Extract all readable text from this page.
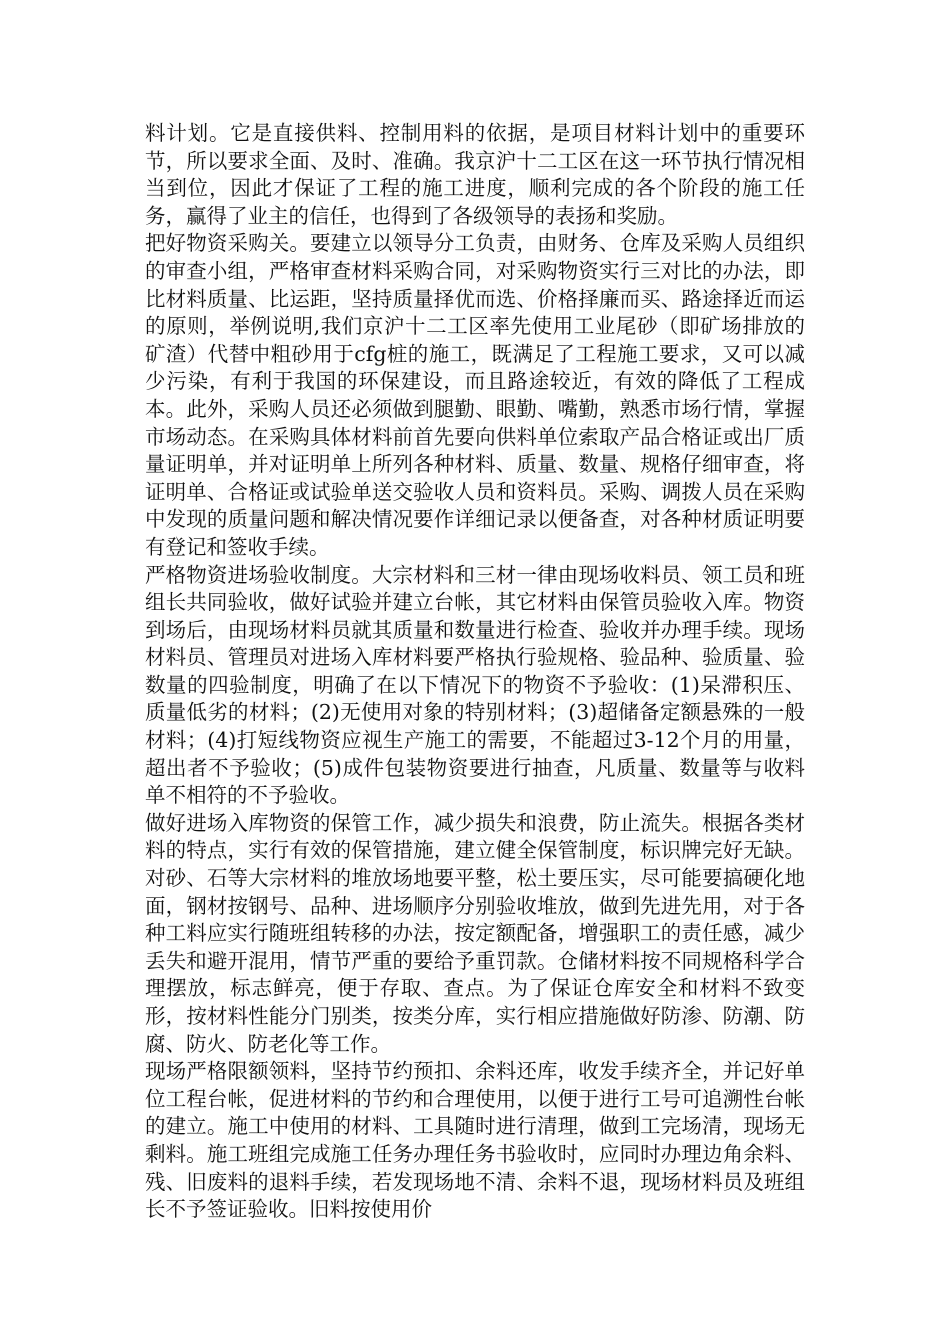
料计划。它是直接供料、控制用料的依据，是项目材料计划中的重要环节，所以要求全面、及时、准确。我京沪十二工区在这一环节执行情况相当到位，因此才保证了工程的施工进度，顺利完成的各个阶段的施工任务，赢得了业主的信任，也得到了各级领导的表扬和奖励。

把好物资采购关。要建立以领导分工负责，由财务、仓库及采购人员组织的审查小组，严格审查材料采购合同，对采购物资实行三对比的办法，即比材料质量、比运距，坚持质量择优而选、价格择廉而买、路途择近而运的原则，举例说明,我们京沪十二工区率先使用工业尾砂（即矿场排放的矿渣）代替中粗砂用于cfg桩的施工，既满足了工程施工要求，又可以减少污染，有利于我国的环保建设，而且路途较近，有效的降低了工程成本。此外，采购人员还必须做到腿勤、眼勤、嘴勤，熟悉市场行情，掌握市场动态。在采购具体材料前首先要向供料单位索取产品合格证或出厂质量证明单，并对证明单上所列各种材料、质量、数量、规格仔细审查，将证明单、合格证或试验单送交验收人员和资料员。采购、调拨人员在采购中发现的质量问题和解决情况要作详细记录以便备查，对各种材质证明要有登记和签收手续。

严格物资进场验收制度。大宗材料和三材一律由现场收料员、领工员和班组长共同验收，做好试验并建立台帐，其它材料由保管员验收入库。物资到场后，由现场材料员就其质量和数量进行检查、验收并办理手续。现场材料员、管理员对进场入库材料要严格执行验规格、验品种、验质量、验数量的四验制度，明确了在以下情况下的物资不予验收：(1)呆滞积压、质量低劣的材料；(2)无使用对象的特别材料；(3)超储备定额悬殊的一般材料；(4)打短线物资应视生产施工的需要，不能超过3-12个月的用量，超出者不予验收；(5)成件包装物资要进行抽查，凡质量、数量等与收料单不相符的不予验收。

做好进场入库物资的保管工作，减少损失和浪费，防止流失。根据各类材料的特点，实行有效的保管措施，建立健全保管制度，标识牌完好无缺。对砂、石等大宗材料的堆放场地要平整，松土要压实，尽可能要搞硬化地面，钢材按钢号、品种、进场顺序分别验收堆放，做到先进先用，对于各种工料应实行随班组转移的办法，按定额配备，增强职工的责任感，减少丢失和避开混用，情节严重的要给予重罚款。仓储材料按不同规格科学合理摆放，标志鲜亮，便于存取、查点。为了保证仓库安全和材料不致变形，按材料性能分门别类，按类分库，实行相应措施做好防渗、防潮、防腐、防火、防老化等工作。

现场严格限额领料，坚持节约预扣、余料还库，收发手续齐全，并记好单位工程台帐，促进材料的节约和合理使用，以便于进行工号可追溯性台帐的建立。施工中使用的材料、工具随时进行清理，做到工完场清，现场无剩料。施工班组完成施工任务办理任务书验收时，应同时办理边角余料、残、旧废料的退料手续，若发现场地不清、余料不退，现场材料员及班组长不予签证验收。旧料按使用价
